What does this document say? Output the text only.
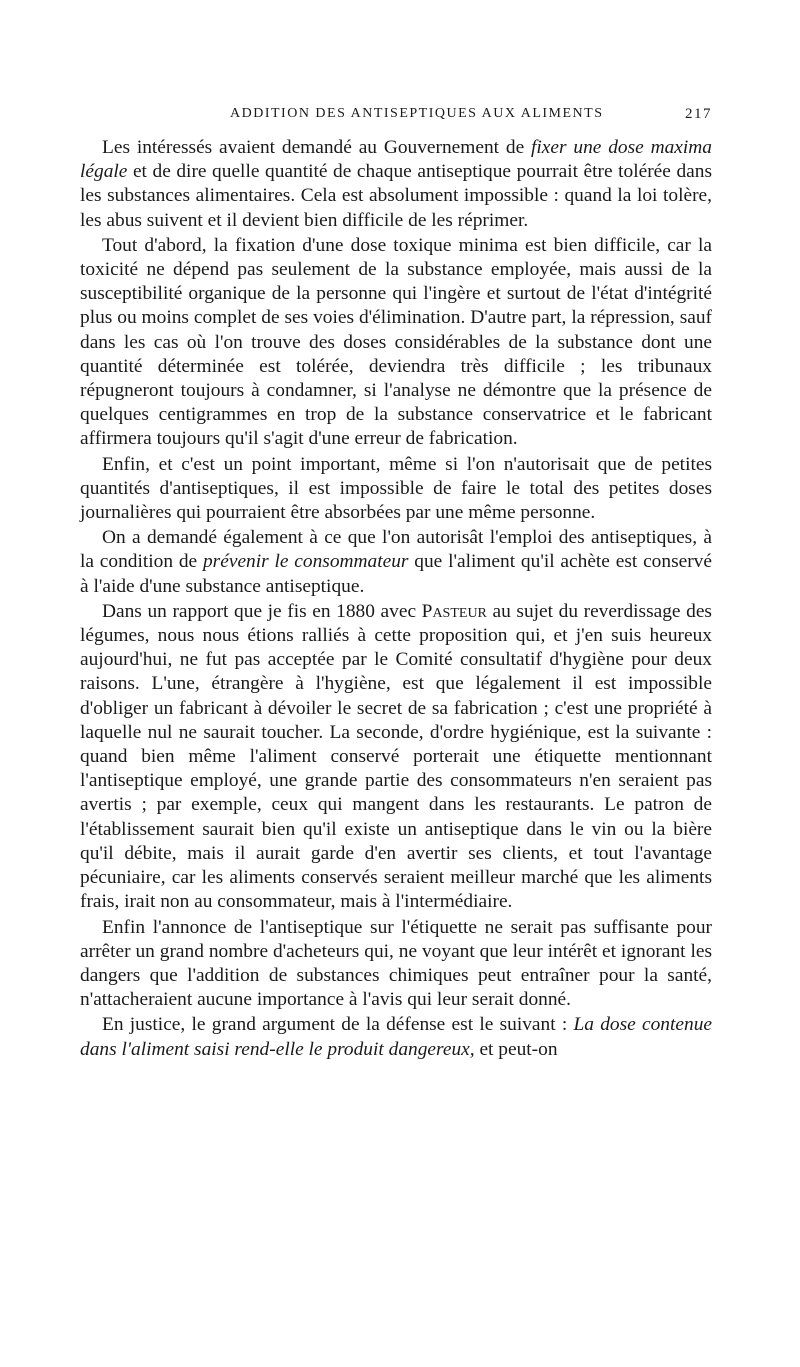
ADDITION DES ANTISEPTIQUES AUX ALIMENTS	217

Les intéressés avaient demandé au Gouvernement de fixer une dose maxima légale et de dire quelle quantité de chaque antiseptique pourrait être tolérée dans les substances alimentaires. Cela est absolument impossible : quand la loi tolère, les abus suivent et il devient bien difficile de les réprimer.

Tout d'abord, la fixation d'une dose toxique minima est bien difficile, car la toxicité ne dépend pas seulement de la substance employée, mais aussi de la susceptibilité organique de la personne qui l'ingère et surtout de l'état d'intégrité plus ou moins complet de ses voies d'élimination. D'autre part, la répression, sauf dans les cas où l'on trouve des doses considérables de la substance dont une quantité déterminée est tolérée, deviendra très difficile ; les tribunaux répugneront toujours à condamner, si l'analyse ne démontre que la présence de quelques centigrammes en trop de la substance conservatrice et le fabricant affirmera toujours qu'il s'agit d'une erreur de fabrication.

Enfin, et c'est un point important, même si l'on n'autorisait que de petites quantités d'antiseptiques, il est impossible de faire le total des petites doses journalières qui pourraient être absorbées par une même personne.

On a demandé également à ce que l'on autorisât l'emploi des antiseptiques, à la condition de prévenir le consommateur que l'aliment qu'il achète est conservé à l'aide d'une substance antiseptique.

Dans un rapport que je fis en 1880 avec Pasteur au sujet du reverdissage des légumes, nous nous étions ralliés à cette proposition qui, et j'en suis heureux aujourd'hui, ne fut pas acceptée par le Comité consultatif d'hygiène pour deux raisons. L'une, étrangère à l'hygiène, est que légalement il est impossible d'obliger un fabricant à dévoiler le secret de sa fabrication ; c'est une propriété à laquelle nul ne saurait toucher. La seconde, d'ordre hygiénique, est la suivante : quand bien même l'aliment conservé porterait une étiquette mentionnant l'antiseptique employé, une grande partie des consommateurs n'en seraient pas avertis ; par exemple, ceux qui mangent dans les restaurants. Le patron de l'établissement saurait bien qu'il existe un antiseptique dans le vin ou la bière qu'il débite, mais il aurait garde d'en avertir ses clients, et tout l'avantage pécuniaire, car les aliments conservés seraient meilleur marché que les aliments frais, irait non au consommateur, mais à l'intermédiaire.

Enfin l'annonce de l'antiseptique sur l'étiquette ne serait pas suffisante pour arrêter un grand nombre d'acheteurs qui, ne voyant que leur intérêt et ignorant les dangers que l'addition de substances chimiques peut entraîner pour la santé, n'attacheraient aucune importance à l'avis qui leur serait donné.

En justice, le grand argument de la défense est le suivant : La dose contenue dans l'aliment saisi rend-elle le produit dangereux, et peut-on
